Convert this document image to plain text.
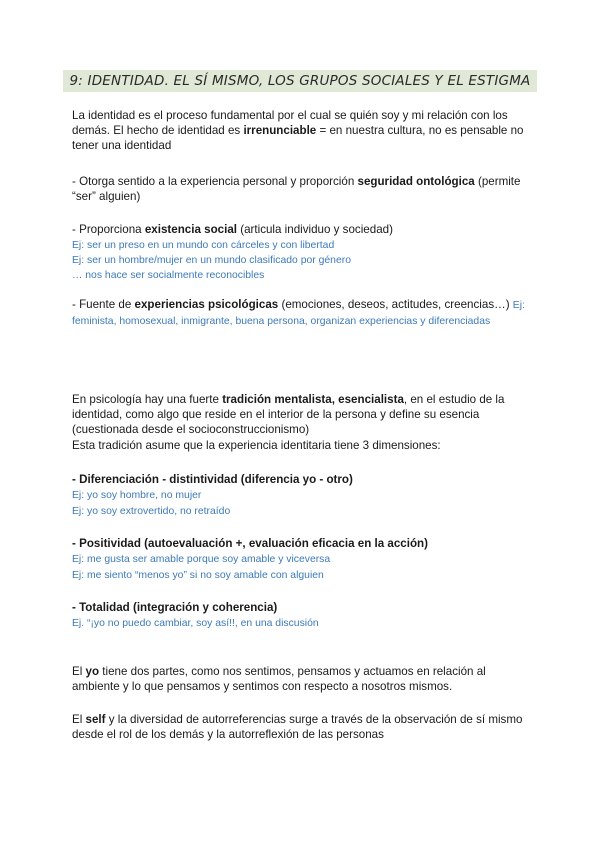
9: IDENTIDAD. EL SÍ MISMO, LOS GRUPOS SOCIALES Y EL ESTIGMA

La identidad es el proceso fundamental por el cual se quién soy y mi relación con los demás. El hecho de identidad es irrenunciable = en nuestra cultura, no es pensable no tener una identidad

- Otorga sentido a la experiencia personal y proporción seguridad ontológica (permite “ser” alguien)

- Proporciona existencia social (articula individuo y sociedad)

Ej: ser un preso en un mundo con cárceles y con libertad

Ej: ser un hombre/mujer en un mundo clasificado por género

… nos hace ser socialmente reconocibles

- Fuente de experiencias psicológicas (emociones, deseos, actitudes, creencias…) Ej: feminista, homosexual, inmigrante, buena persona, organizan experiencias y diferenciadas

En psicología hay una fuerte tradición mentalista, esencialista, en el estudio de la identidad, como algo que reside en el interior de la persona y define su esencia (cuestionada desde el socioconstruccionismo)

Esta tradición asume que la experiencia identitaria tiene 3 dimensiones:

- Diferenciación - distintividad (diferencia yo - otro)

Ej: yo soy hombre, no mujer

Ej: yo soy extrovertido, no retraído

- Positividad (autoevaluación +, evaluación eficacia en la acción)

Ej: me gusta ser amable porque soy amable y viceversa

Ej: me siento “menos yo” si no soy amable con alguien

- Totalidad (integración y coherencia)

Ej. “¡yo no puedo cambiar, soy así!!, en una discusión

El yo tiene dos partes, como nos sentimos, pensamos y actuamos en relación al ambiente y lo que pensamos y sentimos con respecto a nosotros mismos.

El self y la diversidad de autorreferencias surge a través de la observación de sí mismo desde el rol de los demás y la autorreflexión de las personas
